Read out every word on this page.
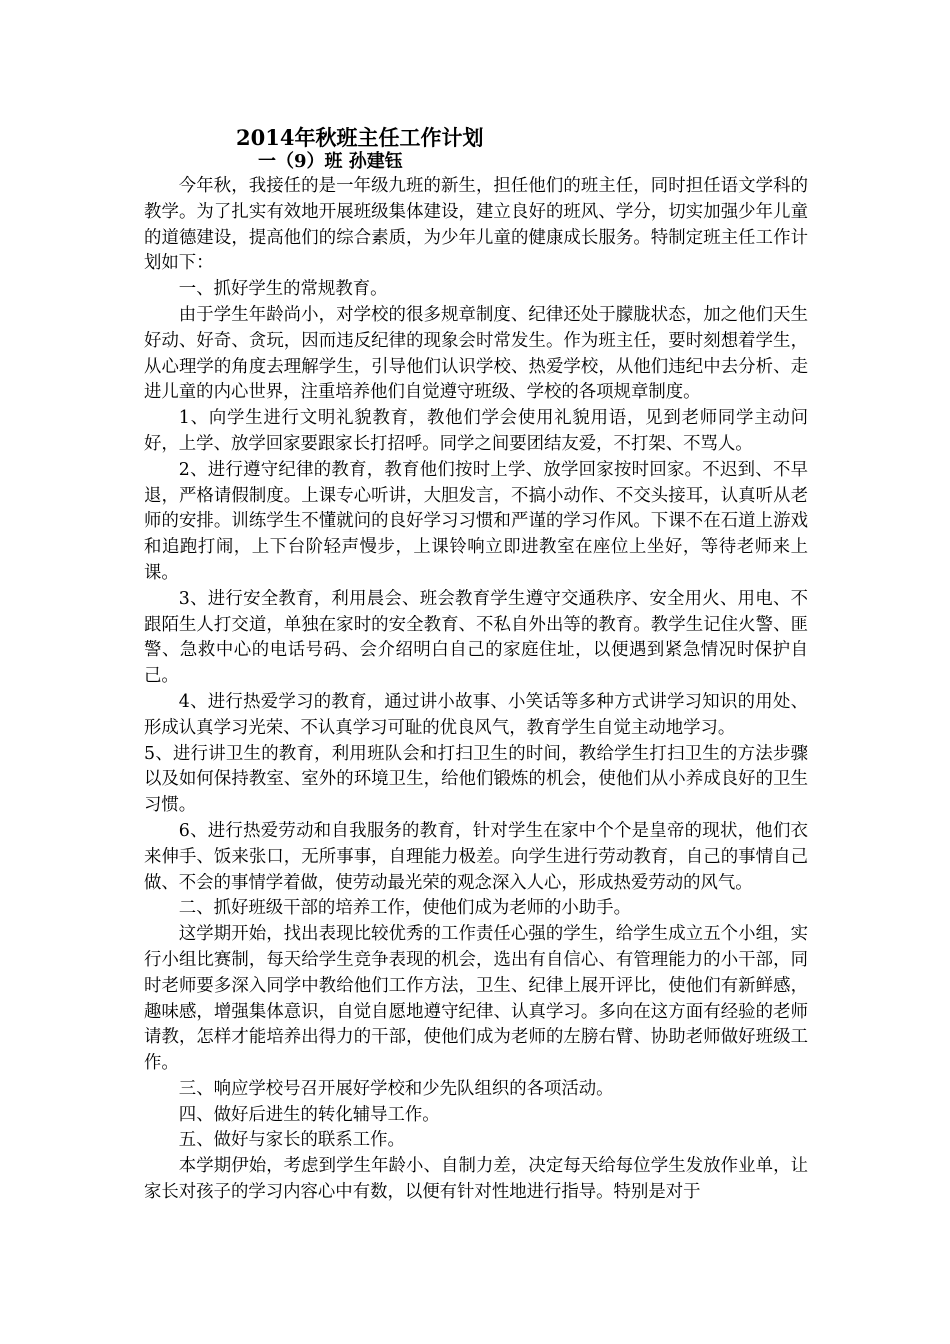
2014年秋班主任工作计划
一（9）班 孙建钰

今年秋，我接任的是一年级九班的新生，担任他们的班主任，同时担任语文学科的教学。为了扎实有效地开展班级集体建设，建立良好的班风、学分，切实加强少年儿童的道德建设，提高他们的综合素质，为少年儿童的健康成长服务。特制定班主任工作计划如下：

一、抓好学生的常规教育。

由于学生年龄尚小，对学校的很多规章制度、纪律还处于朦胧状态，加之他们天生好动、好奇、贪玩，因而违反纪律的现象会时常发生。作为班主任，要时刻想着学生，从心理学的角度去理解学生，引导他们认识学校、热爱学校，从他们违纪中去分析、走进儿童的内心世界，注重培养他们自觉遵守班级、学校的各项规章制度。

1、向学生进行文明礼貌教育，教他们学会使用礼貌用语，见到老师同学主动问好，上学、放学回家要跟家长打招呼。同学之间要团结友爱，不打架、不骂人。

2、进行遵守纪律的教育，教育他们按时上学、放学回家按时回家。不迟到、不早退，严格请假制度。上课专心听讲，大胆发言，不搞小动作、不交头接耳，认真听从老师的安排。训练学生不懂就问的良好学习习惯和严谨的学习作风。下课不在石道上游戏和追跑打闹，上下台阶轻声慢步，上课铃响立即进教室在座位上坐好，等待老师来上课。

3、进行安全教育，利用晨会、班会教育学生遵守交通秩序、安全用火、用电、不跟陌生人打交道，单独在家时的安全教育、不私自外出等的教育。教学生记住火警、匪警、急救中心的电话号码、会介绍明白自己的家庭住址，以便遇到紧急情况时保护自己。

4、进行热爱学习的教育，通过讲小故事、小笑话等多种方式讲学习知识的用处、形成认真学习光荣、不认真学习可耻的优良风气，教育学生自觉主动地学习。

5、进行讲卫生的教育，利用班队会和打扫卫生的时间，教给学生打扫卫生的方法步骤以及如何保持教室、室外的环境卫生，给他们锻炼的机会，使他们从小养成良好的卫生习惯。

6、进行热爱劳动和自我服务的教育，针对学生在家中个个是皇帝的现状，他们衣来伸手、饭来张口，无所事事，自理能力极差。向学生进行劳动教育，自己的事情自己做、不会的事情学着做，使劳动最光荣的观念深入人心，形成热爱劳动的风气。

二、抓好班级干部的培养工作，使他们成为老师的小助手。

这学期开始，找出表现比较优秀的工作责任心强的学生，给学生成立五个小组，实行小组比赛制，每天给学生竞争表现的机会，选出有自信心、有管理能力的小干部，同时老师要多深入同学中教给他们工作方法，卫生、纪律上展开评比，使他们有新鲜感，趣味感，增强集体意识，自觉自愿地遵守纪律、认真学习。多向在这方面有经验的老师请教，怎样才能培养出得力的干部，使他们成为老师的左膀右臂、协助老师做好班级工作。

三、响应学校号召开展好学校和少先队组织的各项活动。

四、做好后进生的转化辅导工作。

五、做好与家长的联系工作。

本学期伊始，考虑到学生年龄小、自制力差，决定每天给每位学生发放作业单，让家长对孩子的学习内容心中有数，以便有针对性地进行指导。特别是对于
